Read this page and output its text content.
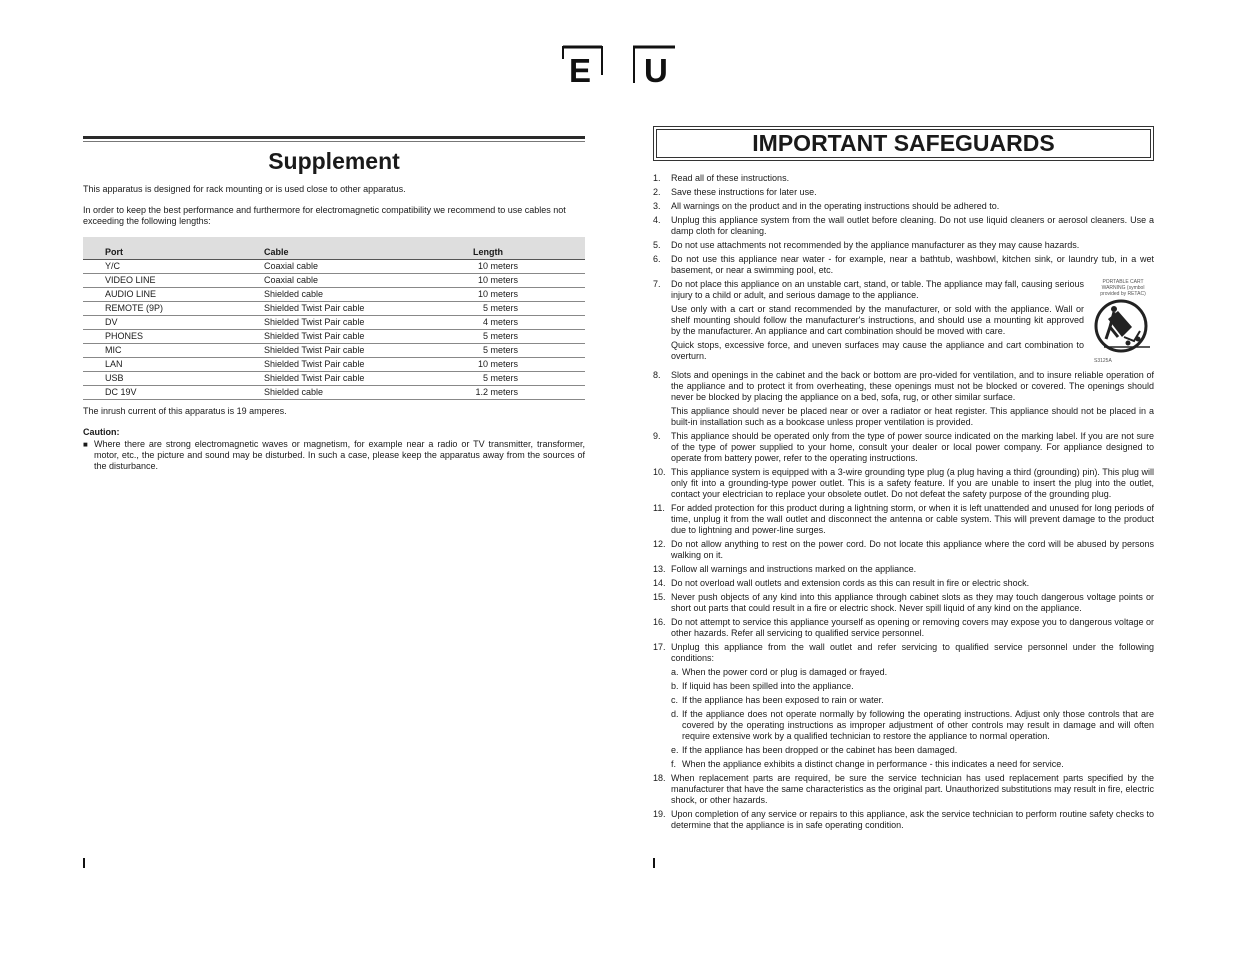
E U
Supplement

This apparatus is designed for rack mounting or is used close to other apparatus.

In order to keep the best performance and furthermore for electromagnetic compatibility we recommend to use cables not exceeding the following lengths:

Port	Cable	Length	
Y/C	Coaxial cable	10 meters	
VIDEO LINE	Coaxial cable	10 meters	
AUDIO LINE	Shielded cable	10 meters	
REMOTE (9P)	Shielded Twist Pair cable	5 meters	
DV	Shielded Twist Pair cable	4 meters	
PHONES	Shielded Twist Pair cable	5 meters	
MIC	Shielded Twist Pair cable	5 meters	
LAN	Shielded Twist Pair cable	10 meters	
USB	Shielded Twist Pair cable	5 meters	
DC 19V	Shielded cable	1.2 meters	

The inrush current of this apparatus is 19 amperes.

Caution:
■ Where there are strong electromagnetic waves or magnetism, for example near a radio or TV transmitter, transformer, motor, etc., the picture and sound may be disturbed. In such a case, please keep the apparatus away from the sources of the disturbance.
IMPORTANT SAFEGUARDS
1.	Read all of these instructions.
2.	Save these instructions for later use.
3.	All warnings on the product and in the operating instructions should be adhered to.
4.	Unplug this appliance system from the wall outlet before cleaning. Do not use liquid cleaners or aerosol cleaners. Use a damp cloth for cleaning.
5.	Do not use attachments not recommended by the appliance manufacturer as they may cause hazards.
6.	Do not use this appliance near water - for example, near a bathtub, washbowl, kitchen sink, or laundry tub, in a wet basement, or near a swimming pool, etc.
7.	Do not place this appliance on an unstable cart, stand, or table. The appliance may fall, causing serious injury to a child or adult, and serious damage to the appliance.
Use only with a cart or stand recommended by the manufacturer, or sold with the appliance. Wall or shelf mounting should follow the manufacturer's instructions, and should use a mounting kit approved by the manufacturer. An appliance and cart combination should be moved with care.
Quick stops, excessive force, and uneven surfaces may cause the appliance and cart combination to overturn.
PORTABLE CART WARNING (symbol provided by RETAC)
S3125A
8.	Slots and openings in the cabinet and the back or bottom are pro-vided for ventilation, and to insure reliable operation of the appliance and to protect it from overheating, these openings must not be blocked or covered. The openings should never be blocked by placing the appliance on a bed, sofa, rug, or other similar surface.
This appliance should never be placed near or over a radiator or heat register. This appliance should not be placed in a built-in installation such as a bookcase unless proper ventilation is provided.
9.	This appliance should be operated only from the type of power source indicated on the marking label. If you are not sure of the type of power supplied to your home, consult your dealer or local power company. For appliance designed to operate from battery power, refer to the operating instructions.
10. This appliance system is equipped with a 3-wire grounding type plug (a plug having a third (grounding) pin). This plug will only fit into a grounding-type power outlet. This is a safety feature. If you are unable to insert the plug into the outlet, contact your electrician to replace your obsolete outlet. Do not defeat the safety purpose of the grounding plug.
11. For added protection for this product during a lightning storm, or when it is left unattended and unused for long periods of time, unplug it from the wall outlet and disconnect the antenna or cable system. This will prevent damage to the product due to lightning and power-line surges.
12. Do not allow anything to rest on the power cord. Do not locate this appliance where the cord will be abused by persons walking on it.
13. Follow all warnings and instructions marked on the appliance.
14. Do not overload wall outlets and extension cords as this can result in fire or electric shock.
15. Never push objects of any kind into this appliance through cabinet slots as they may touch dangerous voltage points or short out parts that could result in a fire or electric shock. Never spill liquid of any kind on the appliance.
16. Do not attempt to service this appliance yourself as opening or removing covers may expose you to dangerous voltage or other hazards. Refer all servicing to qualified service personnel.
17. Unplug this appliance from the wall outlet and refer servicing to qualified service personnel under the following conditions:
a. When the power cord or plug is damaged or frayed.
b. If liquid has been spilled into the appliance.
c. If the appliance has been exposed to rain or water.
d. If the appliance does not operate normally by following the operating instructions. Adjust only those controls that are covered by the operating instructions as improper adjustment of other controls may result in damage and will often require extensive work by a qualified technician to restore the appliance to normal operation.
e. If the appliance has been dropped or the cabinet has been damaged.
f. When the appliance exhibits a distinct change in performance - this indicates a need for service.
18. When replacement parts are required, be sure the service technician has used replacement parts specified by the manufacturer that have the same characteristics as the original part. Unauthorized substitutions may result in fire, electric shock, or other hazards.
19. Upon completion of any service or repairs to this appliance, ask the service technician to perform routine safety checks to determine that the appliance is in safe operating condition.
